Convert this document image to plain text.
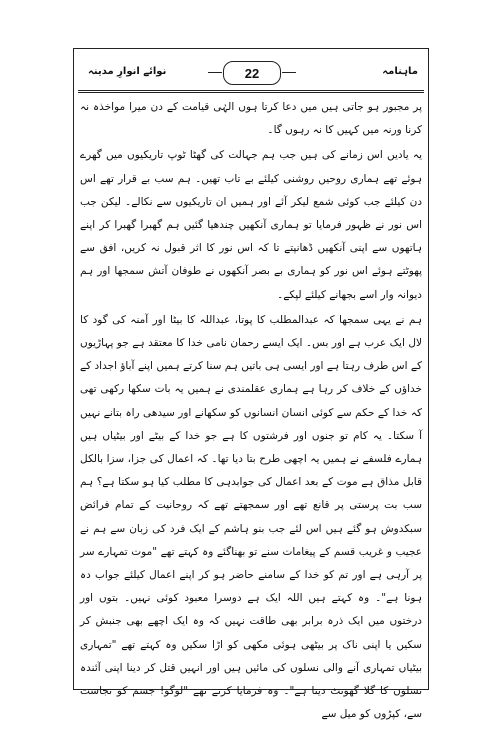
ماہنامہ
22
نوائے انوارِ مدینہ

پر مجبور ہو جاتی ہیں میں دعا کرتا ہوں الہٰی قیامت کے دن میرا مواخذہ نہ کرنا ورنہ میں کہیں کا نہ رہوں گا۔

یہ یادیں اس زمانے کی ہیں جب ہم جہالت کی گھٹا ٹوپ تاریکیوں میں گھرے ہوئے تھے ہماری روحیں روشنی کیلئے بے تاب تھیں۔ ہم سب بے قرار تھے اس دن کیلئے جب کوئی شمع لیکر آئے اور ہمیں ان تاریکیوں سے نکالے۔ لیکن جب اس نور نے ظہور فرمایا تو ہماری آنکھیں چندھیا گئیں ہم گھبرا گھبرا کر اپنے ہاتھوں سے اپنی آنکھیں ڈھانپتے تا کہ اس نور کا اثر قبول نہ کریں، افق سے پھوٹتے ہوئے اس نور کو ہماری بے بصر آنکھوں نے طوفان آتش سمجھا اور ہم دیوانہ وار اسے بجھانے کیلئے لپکے۔

ہم نے یہی سمجھا کہ عبدالمطلب کا پوتا، عبداللہ کا بیٹا اور آمنہ کی گود کا لال ایک عرب ہے اور بس۔ ایک ایسے رحمان نامی خدا کا معتقد ہے جو پہاڑیوں کے اس طرف رہتا ہے اور ایسی ہی باتیں ہم سنا کرتے ہمیں اپنے آباؤ اجداد کے خداؤں کے خلاف کر رہا ہے ہماری عقلمندی نے ہمیں یہ بات سکھا رکھی تھی کہ خدا کے حکم سے کوئی انسان انسانوں کو سکھانے اور سیدھی راہ بتانے نہیں آ سکتا۔ یہ کام تو جنوں اور فرشتوں کا ہے جو خدا کے بیٹے اور بیٹیاں ہیں ہمارے فلسفے نے ہمیں یہ اچھی طرح بتا دیا تھا۔ کہ اعمال کی جزا، سزا بالکل قابل مذاق ہے موت کے بعد اعمال کی جوابدہی کا مطلب کیا ہو سکتا ہے؟ ہم سب بت پرستی پر قانع تھے اور سمجھتے تھے کہ روحانیت کے تمام فرائض سبکدوش ہو گئے ہیں اس لئے جب بنو ہاشم کے ایک فرد کی زبان سے ہم نے عجیب و غریب قسم کے پیغامات سنے تو بھناگئے وہ کہتے تھے "موت تمہارے سر پر آرہی ہے اور تم کو خدا کے سامنے حاضر ہو کر اپنے اعمال کیلئے جواب دہ ہونا ہے"۔ وہ کہتے ہیں اللہ ایک ہے دوسرا معبود کوئی نہیں۔ بتوں اور درختوں میں ایک ذرہ برابر بھی طاقت نہیں کہ وہ ایک اچھے بھی جنبش کر سکیں یا اپنی ناک پر بیٹھی ہوئی مکھی کو اڑا سکیں وہ کہتے تھے "تمہاری بیٹیاں تمہاری آنے والی نسلوں کی مائیں ہیں اور انہیں قتل کر دینا اپنی آئندہ نسلوں کا گلا گھونٹ دینا ہے"۔ وہ فرمایا کرتے تھے "لوگو! جسم کو نجاست سے، کپڑوں کو میل سے
